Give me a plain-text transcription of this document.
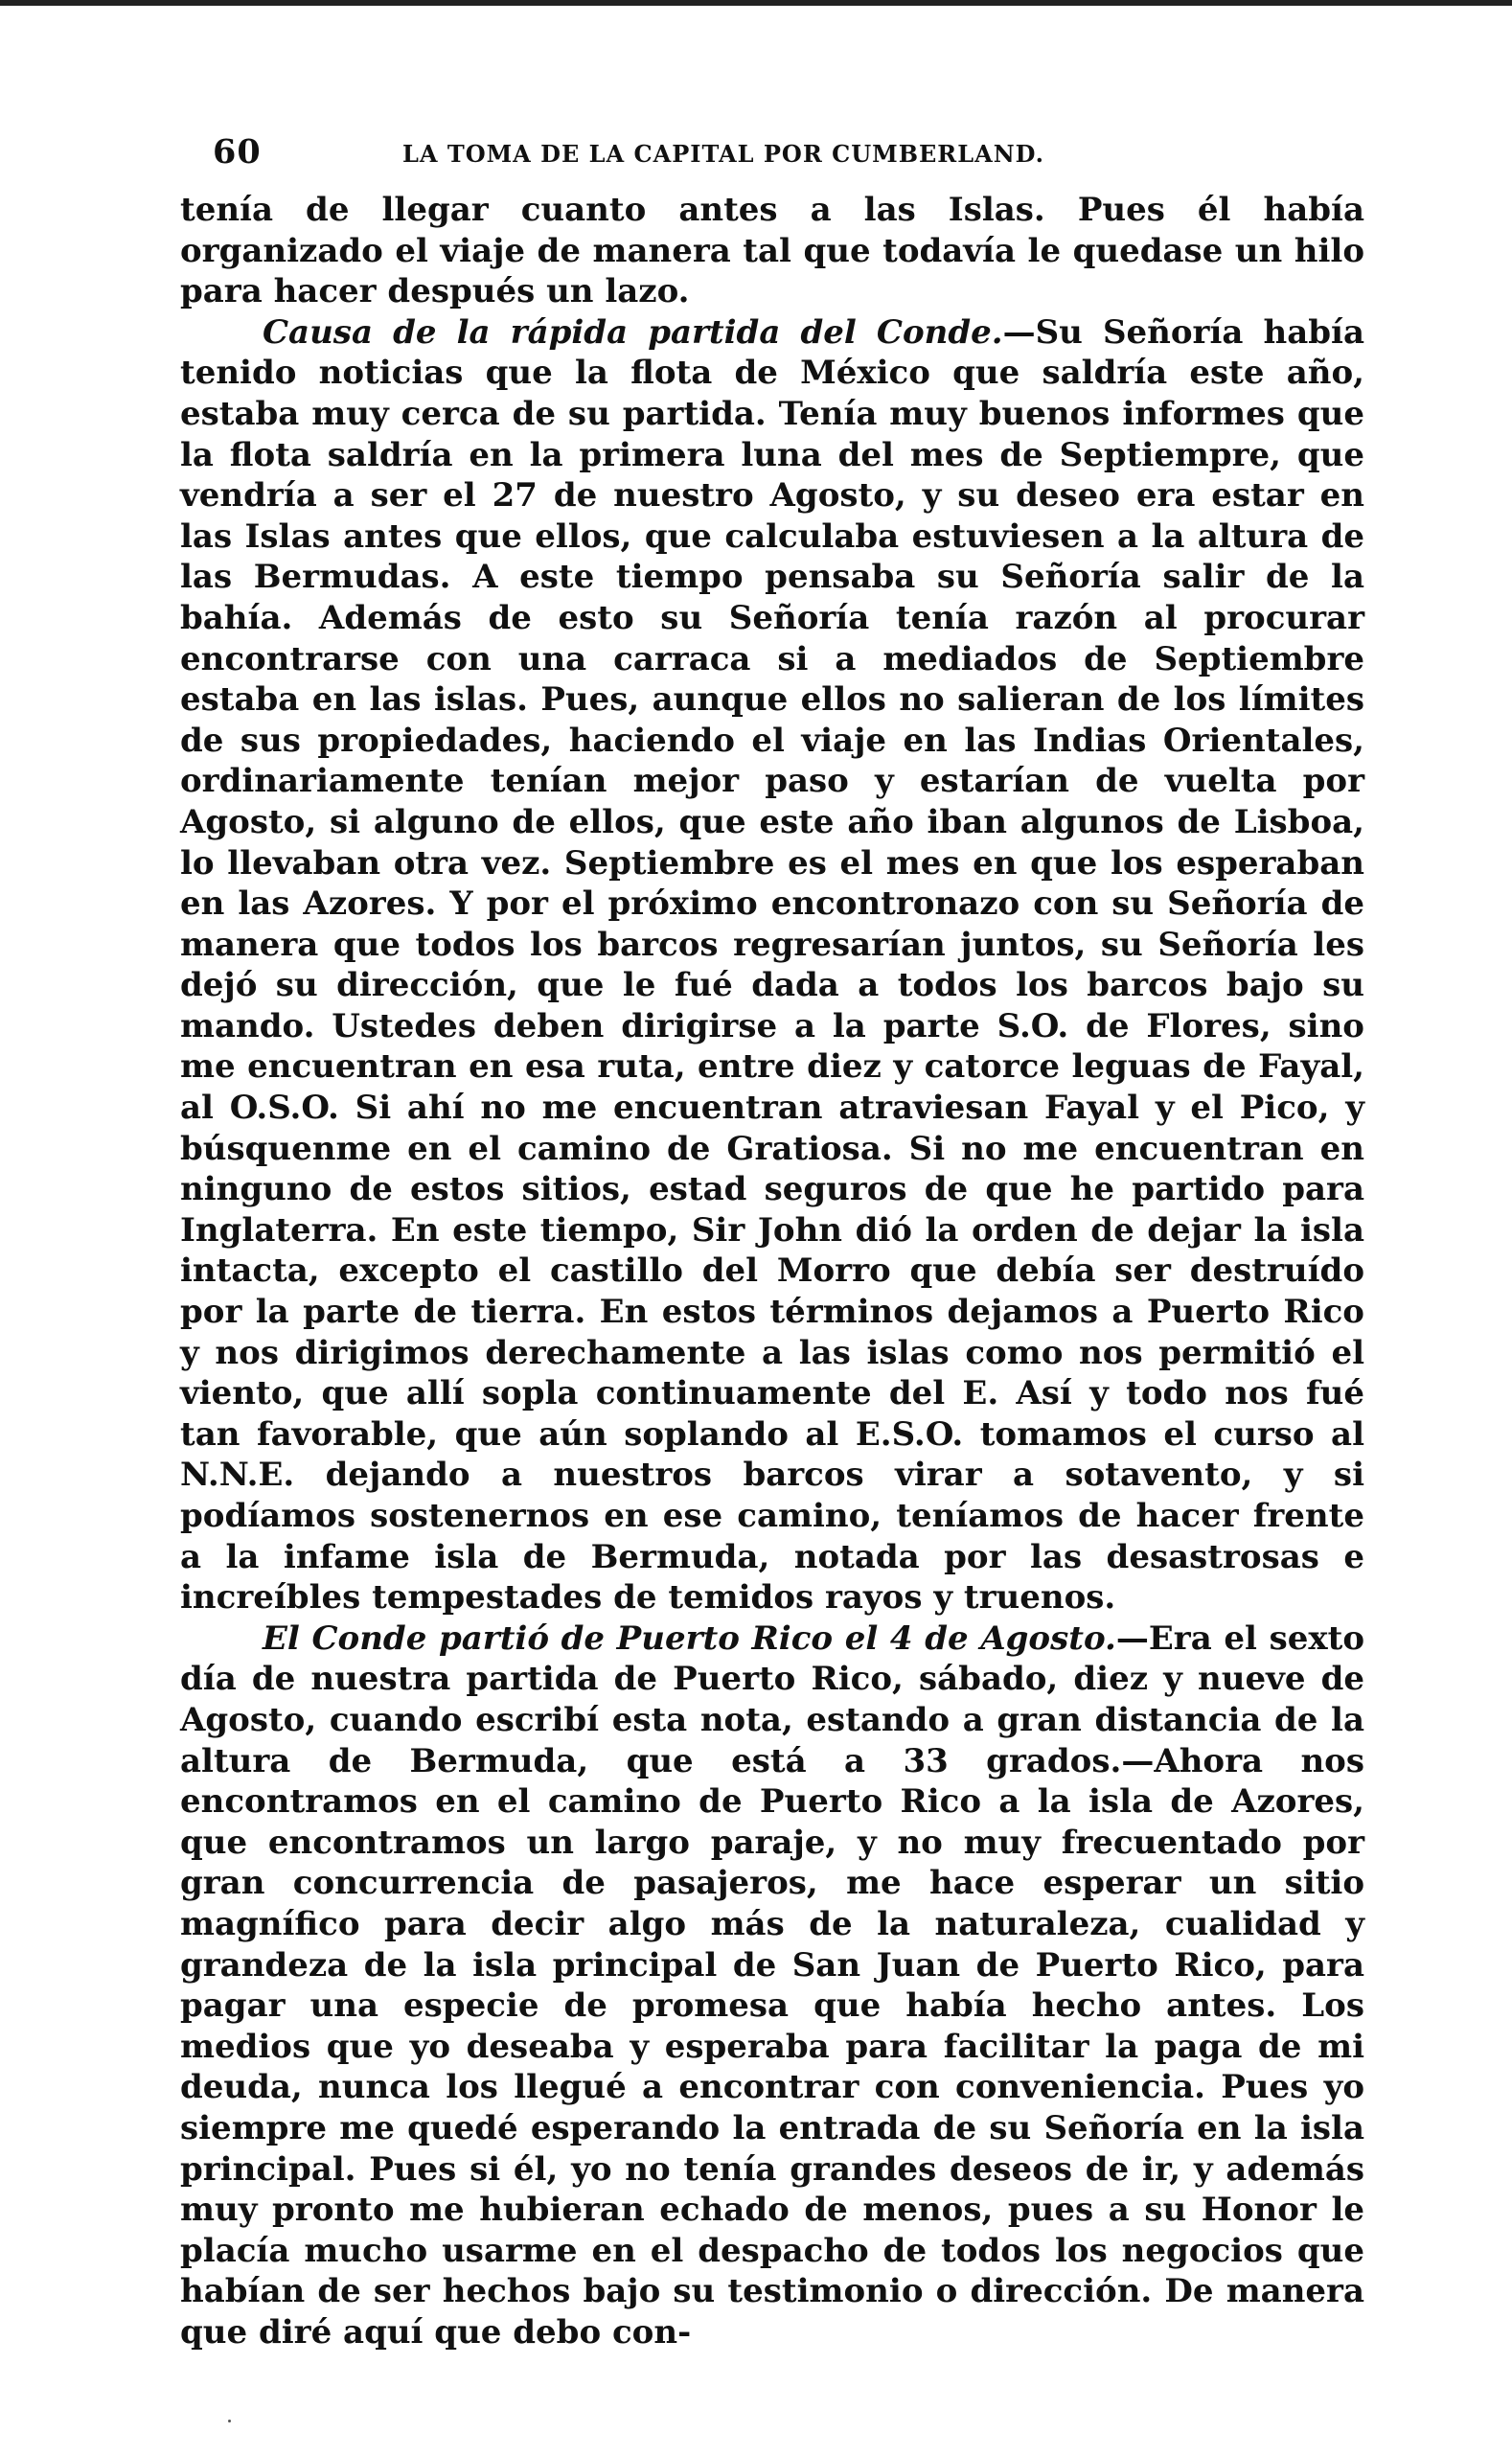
60	LA TOMA DE LA CAPITAL POR CUMBERLAND.

tenía de llegar cuanto antes a las Islas. Pues él había organizado el viaje de manera tal que todavía le quedase un hilo para hacer después un lazo.

Causa de la rápida partida del Conde.—Su Señoría había tenido noticias que la flota de México que saldría este año, estaba muy cerca de su partida. Tenía muy buenos informes que la flota saldría en la primera luna del mes de Septiempre, que vendría a ser el 27 de nuestro Agosto, y su deseo era estar en las Islas antes que ellos, que calculaba estuviesen a la altura de las Bermudas. A este tiempo pensaba su Señoría salir de la bahía. Además de esto su Señoría tenía razón al procurar encontrarse con una carraca si a mediados de Septiembre estaba en las islas. Pues, aunque ellos no salieran de los límites de sus propiedades, haciendo el viaje en las Indias Orientales, ordinariamente tenían mejor paso y estarían de vuelta por Agosto, si alguno de ellos, que este año iban algunos de Lisboa, lo llevaban otra vez. Septiembre es el mes en que los esperaban en las Azores. Y por el próximo encontronazo con su Señoría de manera que todos los barcos regresarían juntos, su Señoría les dejó su dirección, que le fué dada a todos los barcos bajo su mando. Ustedes deben dirigirse a la parte S.O. de Flores, sino me encuentran en esa ruta, entre diez y catorce leguas de Fayal, al O.S.O. Si ahí no me encuentran atraviesan Fayal y el Pico, y búsquenme en el camino de Gratiosa. Si no me encuentran en ninguno de estos sitios, estad seguros de que he partido para Inglaterra. En este tiempo, Sir John dió la orden de dejar la isla intacta, excepto el castillo del Morro que debía ser destruído por la parte de tierra. En estos términos dejamos a Puerto Rico y nos dirigimos derechamente a las islas como nos permitió el viento, que allí sopla continuamente del E. Así y todo nos fué tan favorable, que aún soplando al E.S.O. tomamos el curso al N.N.E. dejando a nuestros barcos virar a sotavento, y si podíamos sostenernos en ese camino, teníamos de hacer frente a la infame isla de Bermuda, notada por las desastrosas e increíbles tempestades de temidos rayos y truenos.

El Conde partió de Puerto Rico el 4 de Agosto.—Era el sexto día de nuestra partida de Puerto Rico, sábado, diez y nueve de Agosto, cuando escribí esta nota, estando a gran distancia de la altura de Bermuda, que está a 33 grados.—Ahora nos encontramos en el camino de Puerto Rico a la isla de Azores, que encontramos un largo paraje, y no muy frecuentado por gran concurrencia de pasajeros, me hace esperar un sitio magnífico para decir algo más de la naturaleza, cualidad y grandeza de la isla principal de San Juan de Puerto Rico, para pagar una especie de promesa que había hecho antes. Los medios que yo deseaba y esperaba para facilitar la paga de mi deuda, nunca los llegué a encontrar con conveniencia. Pues yo siempre me quedé esperando la entrada de su Señoría en la isla principal. Pues si él, yo no tenía grandes deseos de ir, y además muy pronto me hubieran echado de menos, pues a su Honor le placía mucho usarme en el despacho de todos los negocios que habían de ser hechos bajo su testimonio o dirección. De manera que diré aquí que debo con-
